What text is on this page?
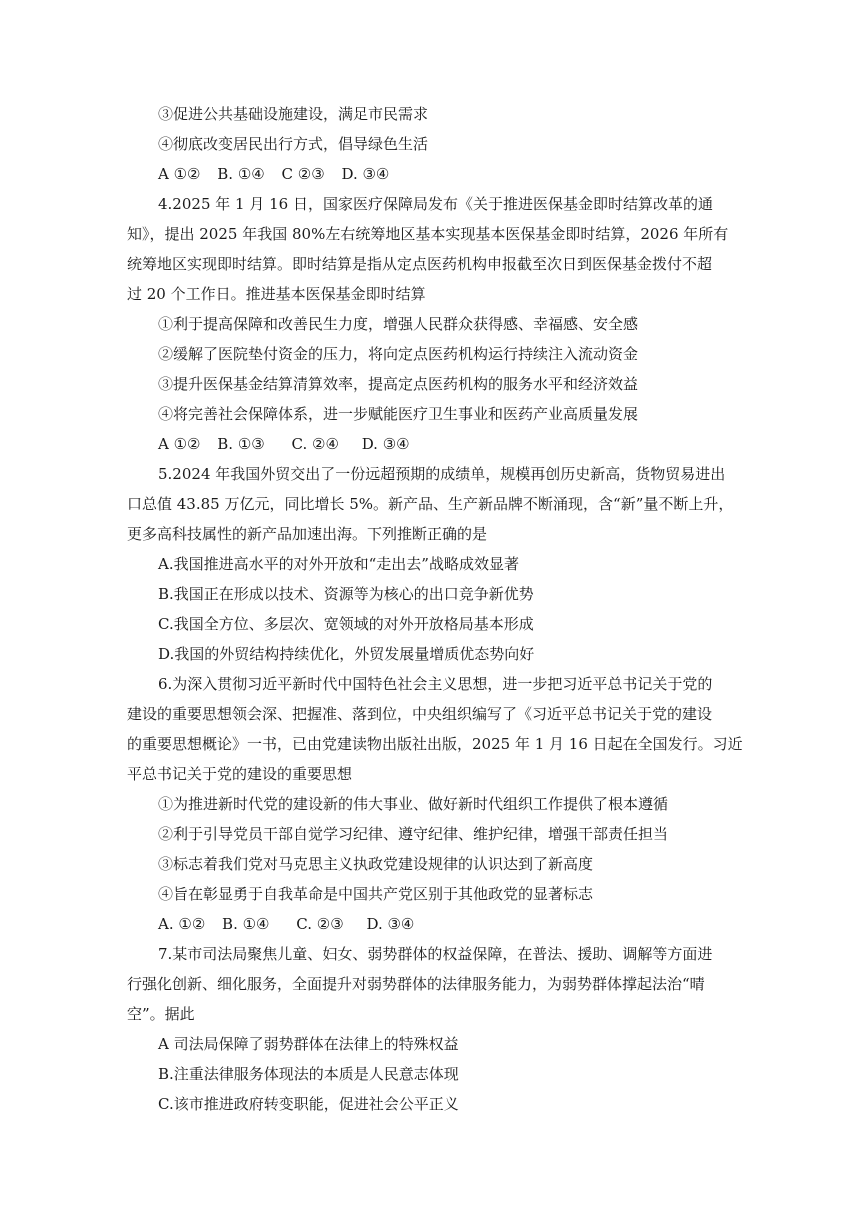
③促进公共基础设施建设，满足市民需求
④彻底改变居民出行方式，倡导绿色生活
A ①② B. ①④ C ②③ D. ③④
4.2025 年 1 月 16 日，国家医疗保障局发布《关于推进医保基金即时结算改革的通
知》，提出 2025 年我国 80%左右统筹地区基本实现基本医保基金即时结算，2026 年所有
统筹地区实现即时结算。即时结算是指从定点医药机构申报截至次日到医保基金拨付不超
过 20 个工作日。推进基本医保基金即时结算
①利于提高保障和改善民生力度，增强人民群众获得感、幸福感、安全感
②缓解了医院垫付资金的压力，将向定点医药机构运行持续注入流动资金
③提升医保基金结算清算效率，提高定点医药机构的服务水平和经济效益
④将完善社会保障体系，进一步赋能医疗卫生事业和医药产业高质量发展
A ①② B. ①③ C. ②④ D. ③④
5.2024 年我国外贸交出了一份远超预期的成绩单，规模再创历史新高，货物贸易进出
口总值 43.85 万亿元，同比增长 5%。新产品、生产新品牌不断涌现，含“新”量不断上升，
更多高科技属性的新产品加速出海。下列推断正确的是
A.我国推进高水平的对外开放和“走出去”战略成效显著
B.我国正在形成以技术、资源等为核心的出口竞争新优势
C.我国全方位、多层次、宽领域的对外开放格局基本形成
D.我国的外贸结构持续优化，外贸发展量增质优态势向好
6.为深入贯彻习近平新时代中国特色社会主义思想，进一步把习近平总书记关于党的
建设的重要思想领会深、把握准、落到位，中央组织编写了《习近平总书记关于党的建设
的重要思想概论》一书，已由党建读物出版社出版，2025 年 1 月 16 日起在全国发行。习近
平总书记关于党的建设的重要思想
①为推进新时代党的建设新的伟大事业、做好新时代组织工作提供了根本遵循
②利于引导党员干部自觉学习纪律、遵守纪律、维护纪律，增强干部责任担当
③标志着我们党对马克思主义执政党建设规律的认识达到了新高度
④旨在彰显勇于自我革命是中国共产党区别于其他政党的显著标志
A. ①② B. ①④ C. ②③ D. ③④
7.某市司法局聚焦儿童、妇女、弱势群体的权益保障，在普法、援助、调解等方面进
行强化创新、细化服务，全面提升对弱势群体的法律服务能力，为弱势群体撑起法治“晴
空”。据此
A 司法局保障了弱势群体在法律上的特殊权益
B.注重法律服务体现法的本质是人民意志体现
C.该市推进政府转变职能，促进社会公平正义
